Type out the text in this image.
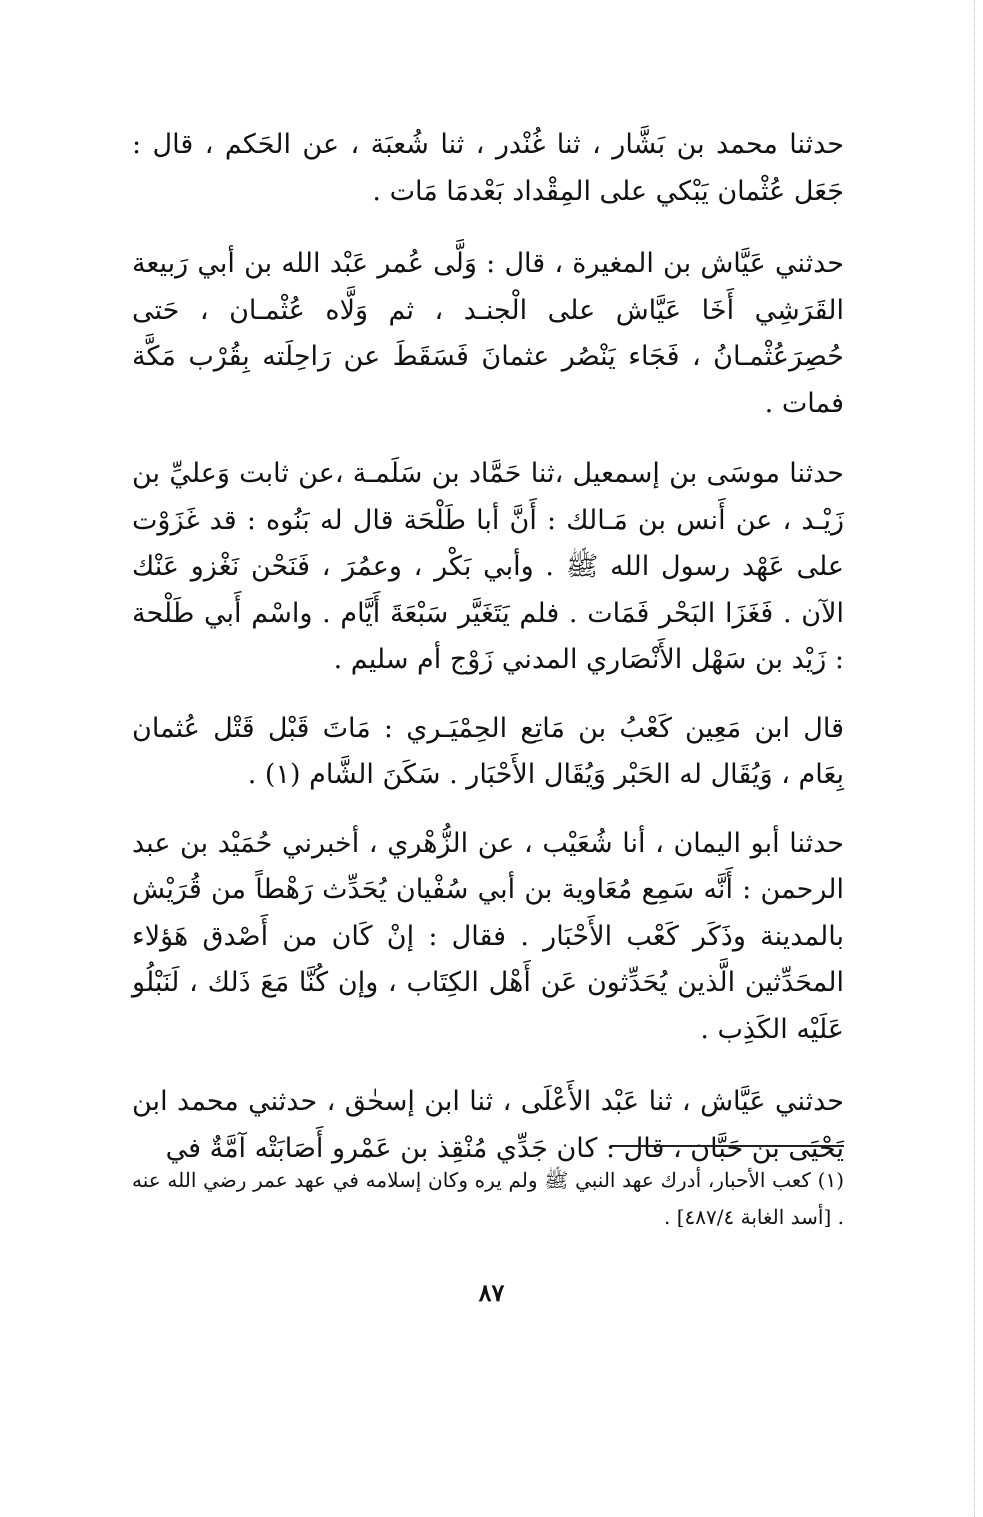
حدثنا محمد بن بَشَّار ، ثنا غُنْدر ، ثنا شُعبَة ، عن الحَكم ، قال : جَعَل عُثْمان يَبْكي على المِقْداد بَعْدمَا مَات .

حدثني عَيَّاش بن المغيرة ، قال : وَلَّى عُمر عَبْد الله بن أبي رَبيعة القَرَشِي أَخَا عَيَّاش على الْجنـد ، ثم وَلَّاه عُثْمـان ، حَتى حُصِرَعُثْمـانُ ، فَجَاء يَنْصُر عثمانَ فَسَقَطَ عن رَاحِلَته بِقُرْب مَكَّة فمات .

حدثنا موسَى بن إسمعيل ،ثنا حَمَّاد بن سَلَمـة ،عن ثابت وَعليِّ بن زَيْـد ، عن أَنس بن مَـالك : أَنَّ أبا طَلْحَة قال له بَنُوه : قد غَزَوْت على عَهْد رسول الله ﷺ . وأبي بَكْر ، وعمُرَ ، فَنَحْن نَغْزو عَنْك الآن . فَغَزَا البَحْر فَمَات . فلم يَتَغَيَّر سَبْعَةَ أَيَّام . واسْم أَبي طَلْحة : زَيْد بن سَهْل الأَنْصَاري المدني زَوْج أم سليم .

قال ابن مَعِين كَعْبُ بن مَاتِع الحِمْيَـري : مَاتَ قَبْل قَتْل عُثمان بِعَام ، وَيُقَال له الحَبْر وَيُقَال الأَحْبَار . سَكَنَ الشَّام (١) .

حدثنا أبو اليمان ، أنا شُعَيْب ، عن الزُّهْري ، أخبرني حُمَيْد بن عبد الرحمن : أَنَّه سَمِع مُعَاوية بن أبي سُفْيان يُحَدِّث رَهْطاً من قُرَيْش بالمدينة وذَكَر كَعْب الأَحْبَار . فقال : إنْ كَان من أَصْدق هَؤلاء المحَدِّثين الَّذين يُحَدِّثون عَن أَهْل الكِتَاب ، وإن كُنَّا مَعَ ذَلك ، لَنَبْلُو عَلَيْه الكَذِب .

حدثني عَيَّاش ، ثنا عَبْد الأَعْلَى ، ثنا ابن إسحٰق ، حدثني محمد ابن يَحْيَى بن حَبَّان ، قال : كان جَدِّي مُنْقِذ بن عَمْرو أَصَابَتْه آمَّةٌ في

(١) كعب الأحبار، أدرك عهد النبي ﷺ ولم يره وكان إسلامه في عهد عمر رضي الله عنه . [أسد الغابة ٤٨٧/٤] .

٨٧
